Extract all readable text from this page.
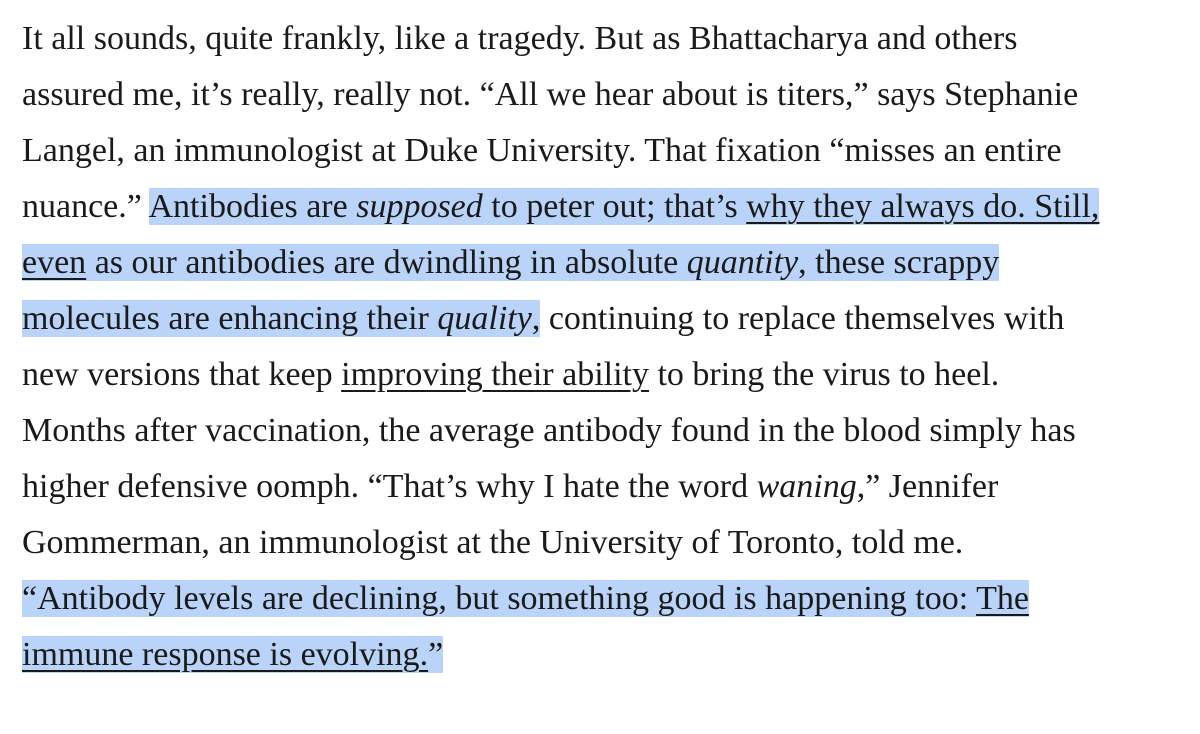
It all sounds, quite frankly, like a tragedy. But as Bhattacharya and others
assured me, it’s really, really not. “All we hear about is titers,” says Stephanie
Langel, an immunologist at Duke University. That fixation “misses an entire
nuance.” Antibodies are supposed to peter out; that’s why they always do. Still,
even as our antibodies are dwindling in absolute quantity, these scrappy
molecules are enhancing their quality, continuing to replace themselves with
new versions that keep improving their ability to bring the virus to heel.
Months after vaccination, the average antibody found in the blood simply has
higher defensive oomph. “That’s why I hate the word waning,” Jennifer
Gommerman, an immunologist at the University of Toronto, told me.
“Antibody levels are declining, but something good is happening too: The
immune response is evolving.”
